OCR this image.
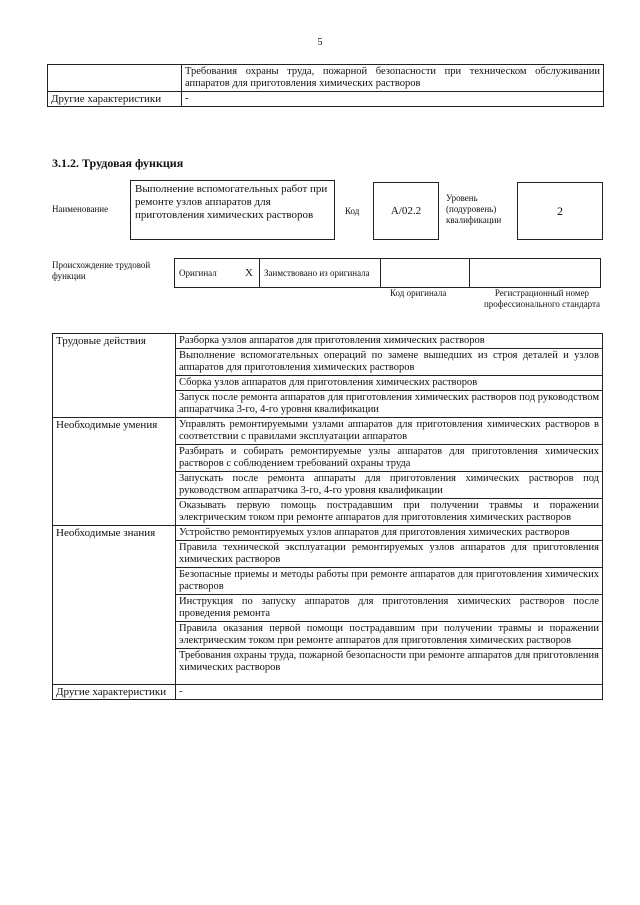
5
	Требования охраны труда, пожарной безопасности при техническом обслуживании аппаратов для приготовления химических растворов
Другие характеристики	-
3.1.2. Трудовая функция
Наименование
Выполнение вспомогательных работ при ремонте узлов аппаратов для приготовления химических растворов	Код	A/02.2
Уровень (подуровень) квалификации
2
Происхождение трудовой функции	Оригинал	X	Заимствовано из оригинала		
Код оригинала	Регистрационный номер профессионального стандарта
Трудовые действия	Разборка узлов аппаратов для приготовления химических растворов
	Выполнение вспомогательных операций по замене вышедших из строя деталей и узлов аппаратов для приготовления химических растворов
	Сборка узлов аппаратов для приготовления химических растворов
	Запуск после ремонта аппаратов для приготовления химических растворов под руководством аппаратчика 3-го, 4-го уровня квалификации
Необходимые умения	Управлять ремонтируемыми узлами аппаратов для приготовления химических растворов в соответствии с правилами эксплуатации аппаратов
	Разбирать и собирать ремонтируемые узлы аппаратов для приготовления химических растворов с соблюдением требований охраны труда
	Запускать после ремонта аппараты для приготовления химических растворов под руководством аппаратчика 3-го, 4-го уровня квалификации
	Оказывать первую помощь пострадавшим при получении травмы и поражении электрическим током при ремонте аппаратов для приготовления химических растворов
Необходимые знания	Устройство ремонтируемых узлов аппаратов для приготовления химических растворов
	Правила технической эксплуатации ремонтируемых узлов аппаратов для приготовления химических растворов
	Безопасные приемы и методы работы при ремонте аппаратов для приготовления химических растворов
	Инструкция по запуску аппаратов для приготовления химических растворов после проведения ремонта
	Правила оказания первой помощи пострадавшим при получении травмы и поражении электрическим током при ремонте аппаратов для приготовления химических растворов
	Требования охраны труда, пожарной безопасности при ремонте аппаратов для приготовления химических растворов
Другие характеристики	-
